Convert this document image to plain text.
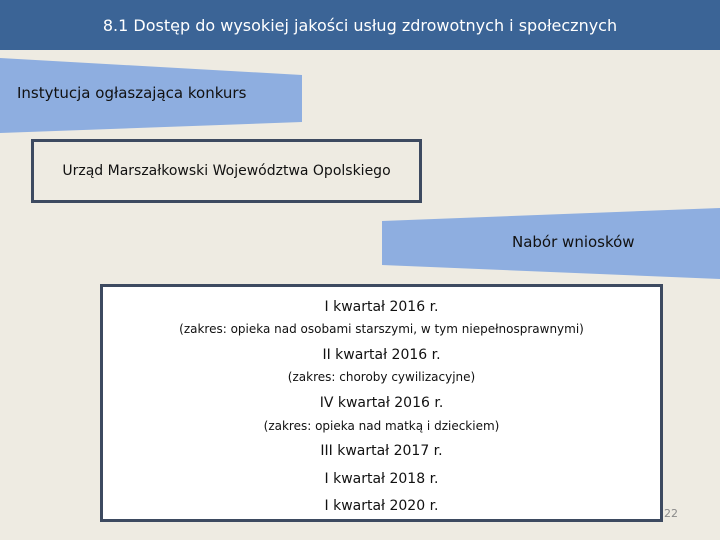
8.1 Dostęp do wysokiej jakości usług zdrowotnych i społecznych
Instytucja ogłaszająca konkurs
Urząd Marszałkowski Województwa Opolskiego
Nabór wniosków
I kwartał 2016 r.
(zakres: opieka nad osobami starszymi, w tym niepełnosprawnymi)
II kwartał 2016 r.
(zakres: choroby cywilizacyjne)
IV kwartał 2016 r.
(zakres: opieka nad matką i dzieckiem)
III kwartał 2017 r.
I kwartał 2018 r.
I kwartał 2020 r.	22
